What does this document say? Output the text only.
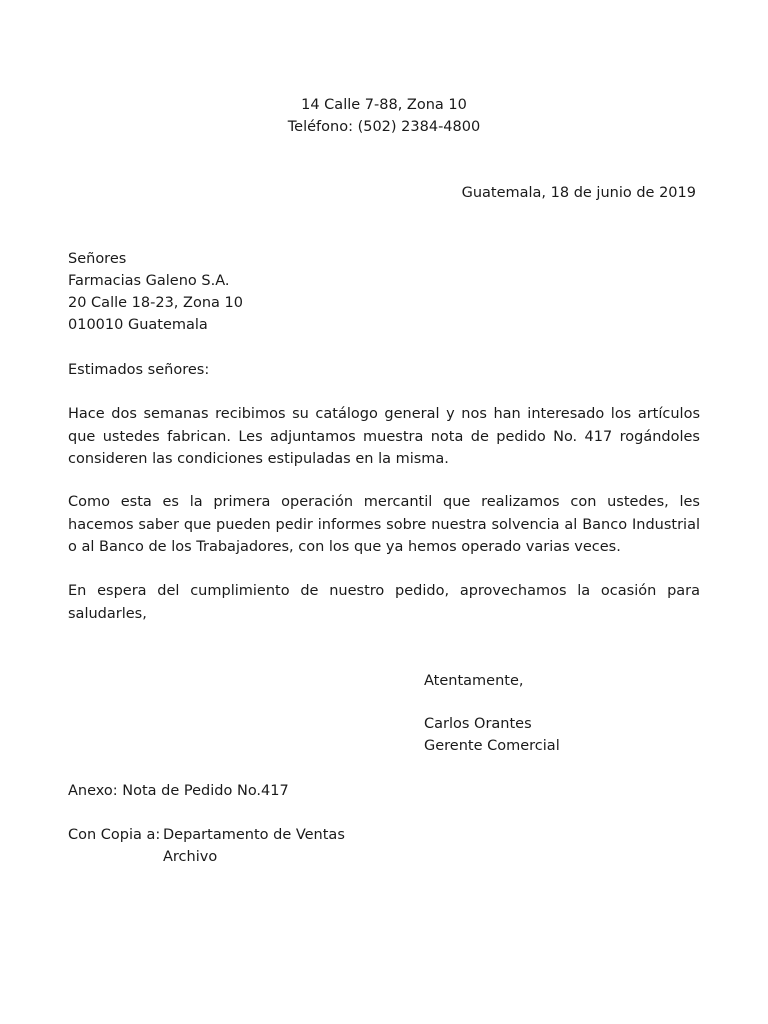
14 Calle 7-88, Zona 10
Teléfono: (502) 2384-4800
Guatemala, 18 de junio de 2019
Señores
Farmacias Galeno S.A.
20 Calle 18-23, Zona 10
010010 Guatemala
Estimados señores:

Hace dos semanas recibimos su catálogo general y nos han interesado los artículos que ustedes fabrican. Les adjuntamos muestra nota de pedido No. 417 rogándoles consideren las condiciones estipuladas en la misma.

Como esta es la primera operación mercantil que realizamos con ustedes, les hacemos saber que pueden pedir informes sobre nuestra solvencia al Banco Industrial o al Banco de los Trabajadores, con los que ya hemos operado varias veces.

En espera del cumplimiento de nuestro pedido, aprovechamos la ocasión para saludarles,

Atentamente,
Carlos Orantes
Gerente Comercial
Anexo: Nota de Pedido No.417
Con Copia a: Departamento de Ventas
Archivo
